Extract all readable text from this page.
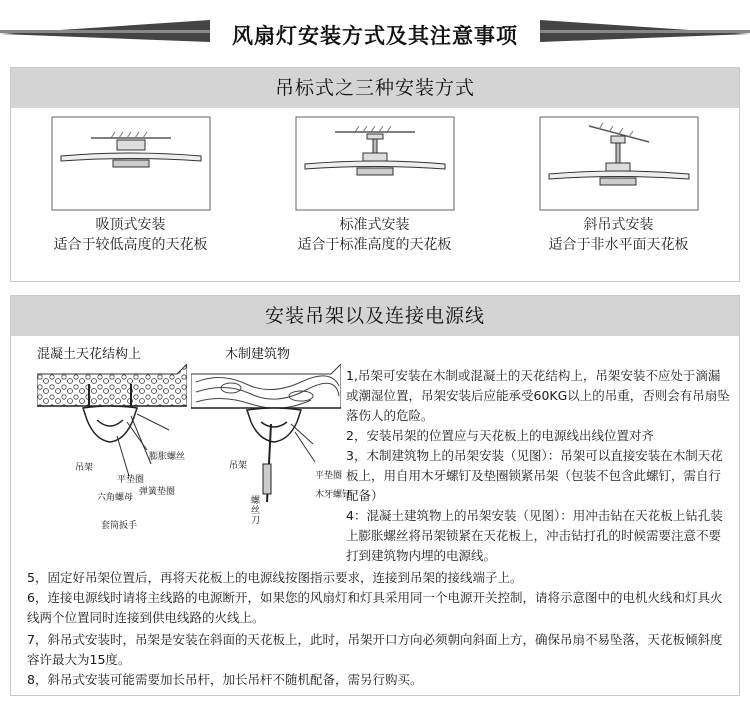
风扇灯安装方式及其注意事项
吊标式之三种安装方式
吸顶式安装
适合于较低高度的天花板
标准式安装
适合于标准高度的天花板
斜吊式安装
适合于非水平面天花板
安装吊架以及连接电源线
混凝土天花结构上
吊架
膨胀螺丝
平垫圈
弹簧垫圈
六角螺母
套筒扳手
木制建筑物
吊架
平垫圈
木牙螺钉
螺丝刀
1,吊架可安装在木制或混凝土的天花结构上，吊架安装不应处于滴漏或潮湿位置，吊架安装后应能承受60KG以上的吊重，否则会有吊扇坠落伤人的危险。
2，安装吊架的位置应与天花板上的电源线出线位置对齐
3，木制建筑物上的吊架安装（见图）：吊架可以直接安装在木制天花板上，用自用木牙螺钉及垫圈锁紧吊架（包装不包含此螺钉，需自行配备）
4：混凝土建筑物上的吊架安装（见图）：用冲击钻在天花板上钻孔装上膨胀螺丝将吊架锁紧在天花板上，冲击钻打孔的时候需要注意不要打到建筑物内埋的电源线。
5，固定好吊架位置后，再将天花板上的电源线按图指示要求，连接到吊架的接线端子上。
6，连接电源线时请将主线路的电源断开，如果您的风扇灯和灯具采用同一个电源开关控制，请将示意图中的电机火线和灯具火线两个位置同时连接到供电线路的火线上。
7，斜吊式安装时，吊架是安装在斜面的天花板上，此时，吊架开口方向必须朝向斜面上方，确保吊扇不易坠落，天花板倾斜度容许最大为15度。
8，斜吊式安装可能需要加长吊杆，加长吊杆不随机配备，需另行购买。
